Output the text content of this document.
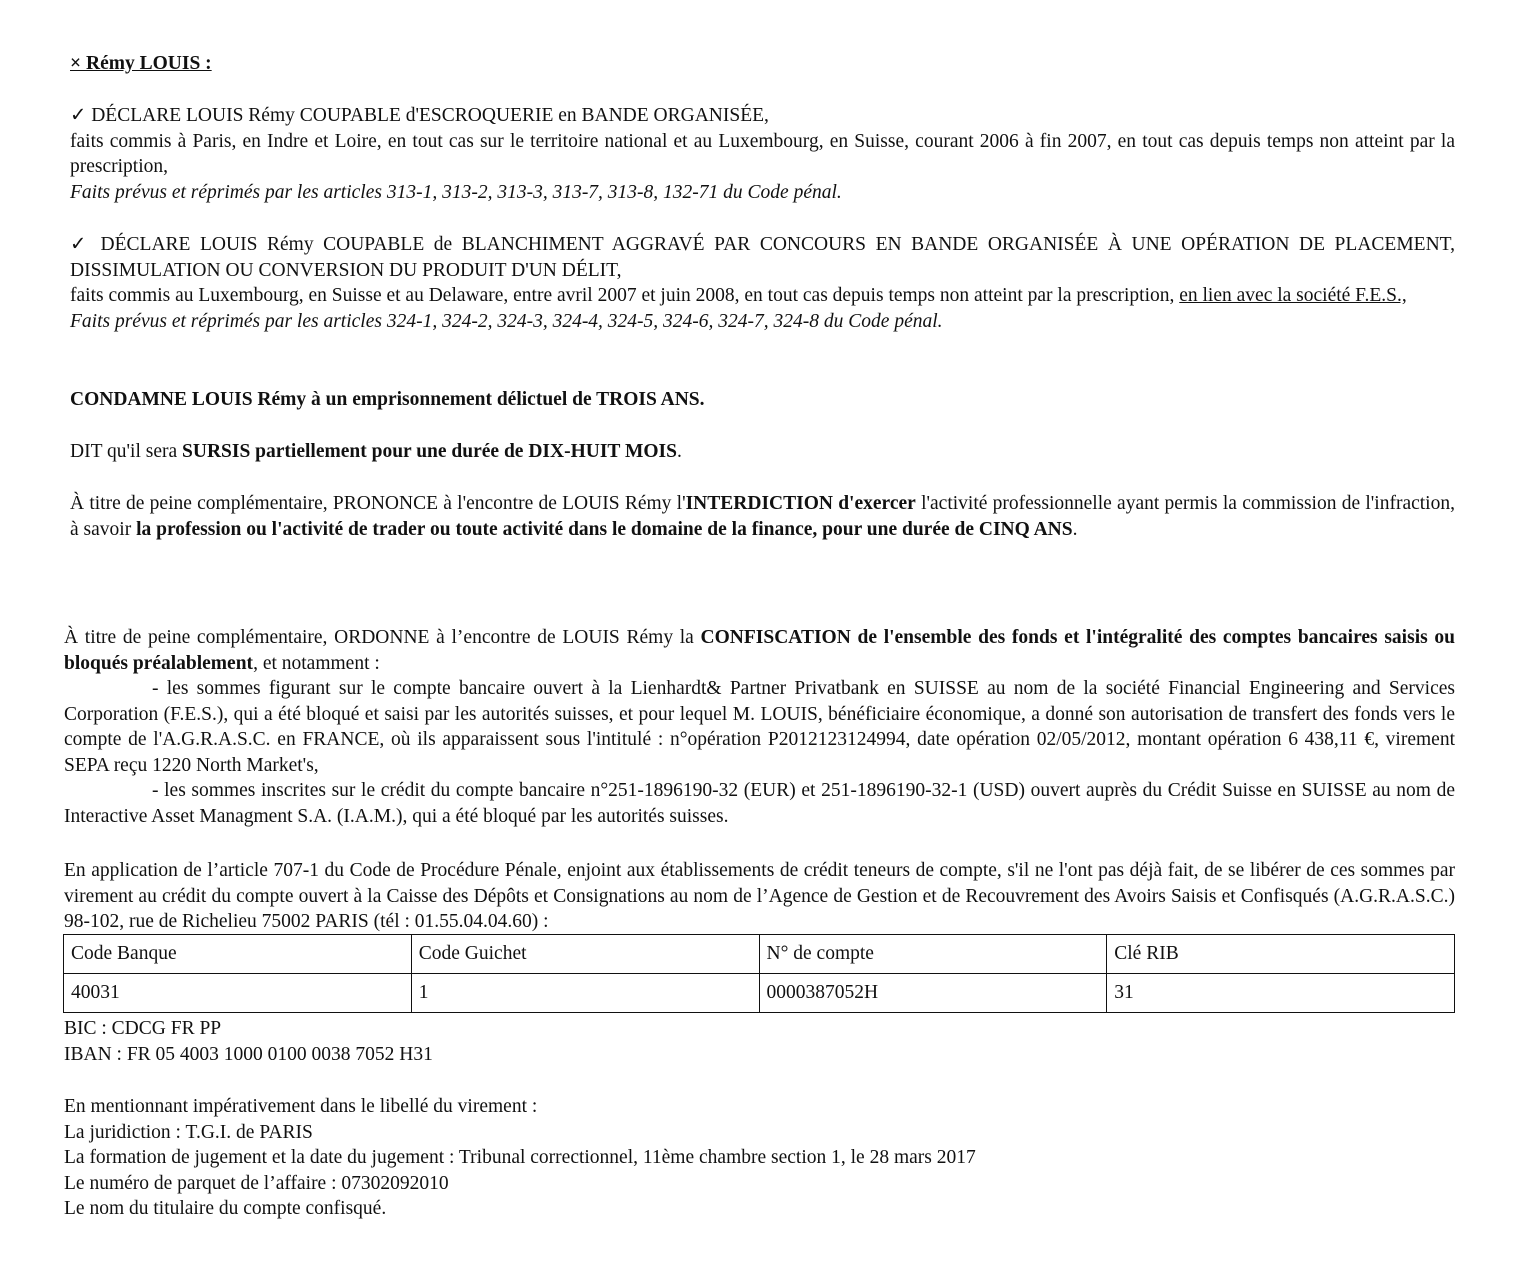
× Rémy LOUIS :

✓ DÉCLARE LOUIS Rémy COUPABLE d'ESCROQUERIE en BANDE ORGANISÉE,

faits commis à Paris, en Indre et Loire, en tout cas sur le territoire national et au Luxembourg, en Suisse, courant 2006 à fin 2007, en tout cas depuis temps non atteint par la prescription,

Faits prévus et réprimés par les articles 313-1, 313-2, 313-3, 313-7, 313-8, 132-71 du Code pénal.

✓ DÉCLARE LOUIS Rémy COUPABLE de BLANCHIMENT AGGRAVÉ PAR CONCOURS EN BANDE ORGANISÉE À UNE OPÉRATION DE PLACEMENT, DISSIMULATION OU CONVERSION DU PRODUIT D'UN DÉLIT,

faits commis au Luxembourg, en Suisse et au Delaware, entre avril 2007 et juin 2008, en tout cas depuis temps non atteint par la prescription, en lien avec la société F.E.S.,

Faits prévus et réprimés par les articles 324-1, 324-2, 324-3, 324-4, 324-5, 324-6, 324-7, 324-8 du Code pénal.

CONDAMNE LOUIS Rémy à un emprisonnement délictuel de TROIS ANS.
DIT qu'il sera SURSIS partiellement pour une durée de DIX-HUIT MOIS.
À titre de peine complémentaire, PRONONCE à l'encontre de LOUIS Rémy l'INTERDICTION d'exercer l'activité professionnelle ayant permis la commission de l'infraction, à savoir la profession ou l'activité de trader ou toute activité dans le domaine de la finance, pour une durée de CINQ ANS.

À titre de peine complémentaire, ORDONNE à l’encontre de LOUIS Rémy la CONFISCATION de l'ensemble des fonds et l'intégralité des comptes bancaires saisis ou bloqués préalablement, et notamment :

- les sommes figurant sur le compte bancaire ouvert à la Lienhardt& Partner Privatbank en SUISSE au nom de la société Financial Engineering and Services Corporation (F.E.S.), qui a été bloqué et saisi par les autorités suisses, et pour lequel M. LOUIS, bénéficiaire économique, a donné son autorisation de transfert des fonds vers le compte de l'A.G.R.A.S.C. en FRANCE, où ils apparaissent sous l'intitulé : n°opération P2012123124994, date opération 02/05/2012, montant opération 6 438,11 €, virement SEPA reçu 1220 North Market's,

- les sommes inscrites sur le crédit du compte bancaire n°251-1896190-32 (EUR) et 251-1896190-32-1 (USD) ouvert auprès du Crédit Suisse en SUISSE au nom de Interactive Asset Managment S.A. (I.A.M.), qui a été bloqué par les autorités suisses.

En application de l’article 707-1 du Code de Procédure Pénale, enjoint aux établissements de crédit teneurs de compte, s'il ne l'ont pas déjà fait, de se libérer de ces sommes par virement au crédit du compte ouvert à la Caisse des Dépôts et Consignations au nom de l’Agence de Gestion et de Recouvrement des Avoirs Saisis et Confisqués (A.G.R.A.S.C.) 98-102, rue de Richelieu 75002 PARIS (tél : 01.55.04.04.60) :
Code Banque	Code Guichet	N° de compte	Clé RIB
40031	1	0000387052H	31

BIC : CDCG FR PP

IBAN : FR 05 4003 1000 0100 0038 7052 H31

En mentionnant impérativement dans le libellé du virement :

La juridiction : T.G.I. de PARIS

La formation de jugement et la date du jugement : Tribunal correctionnel, 11ème chambre section 1, le 28 mars 2017

Le numéro de parquet de l’affaire : 07302092010

Le nom du titulaire du compte confisqué.
